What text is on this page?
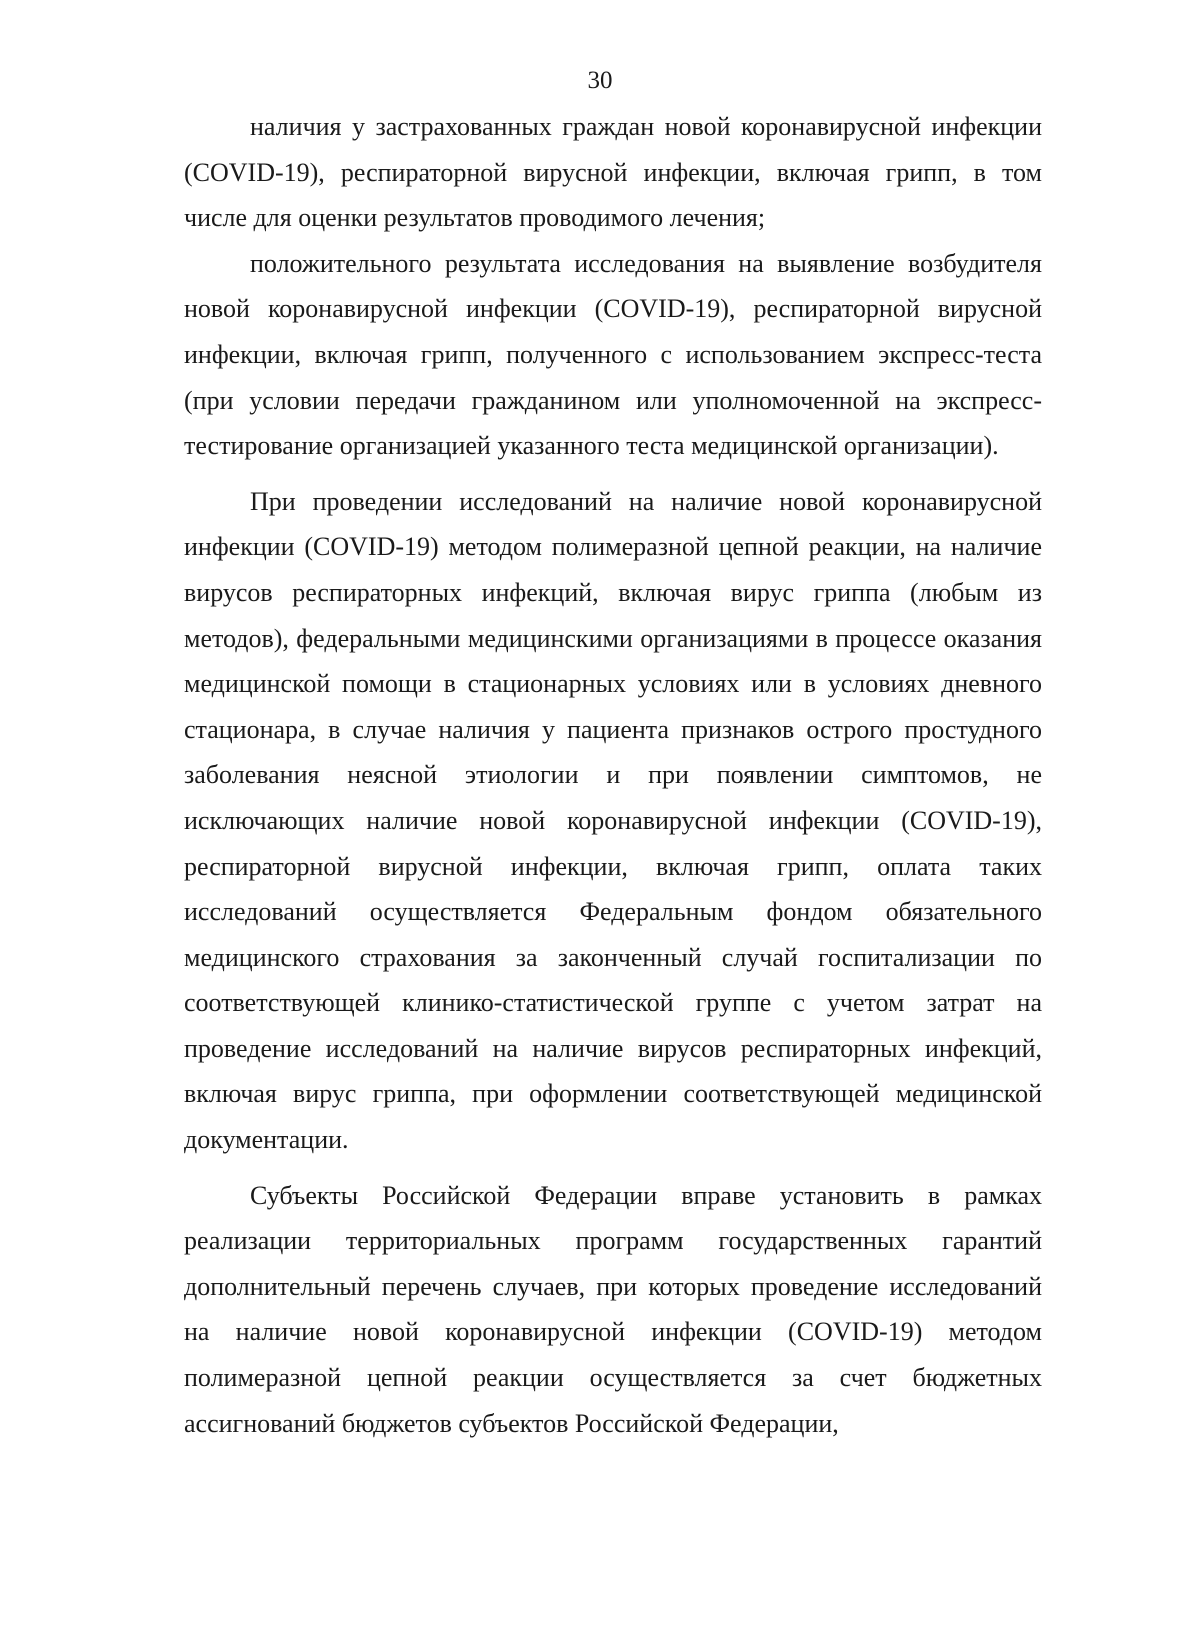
30

наличия у застрахованных граждан новой коронавирусной инфекции (COVID-19), респираторной вирусной инфекции, включая грипп, в том числе для оценки результатов проводимого лечения;

положительного результата исследования на выявление возбудителя новой коронавирусной инфекции (COVID-19), респираторной вирусной инфекции, включая грипп, полученного с использованием экспресс-теста (при условии передачи гражданином или уполномоченной на экспресс-тестирование организацией указанного теста медицинской организации).

При проведении исследований на наличие новой коронавирусной инфекции (COVID-19) методом полимеразной цепной реакции, на наличие вирусов респираторных инфекций, включая вирус гриппа (любым из методов), федеральными медицинскими организациями в процессе оказания медицинской помощи в стационарных условиях или в условиях дневного стационара, в случае наличия у пациента признаков острого простудного заболевания неясной этиологии и при появлении симптомов, не исключающих наличие новой коронавирусной инфекции (COVID-19), респираторной вирусной инфекции, включая грипп, оплата таких исследований осуществляется Федеральным фондом обязательного медицинского страхования за законченный случай госпитализации по соответствующей клинико-статистической группе с учетом затрат на проведение исследований на наличие вирусов респираторных инфекций, включая вирус гриппа, при оформлении соответствующей медицинской документации.

Субъекты Российской Федерации вправе установить в рамках реализации территориальных программ государственных гарантий дополнительный перечень случаев, при которых проведение исследований на наличие новой коронавирусной инфекции (COVID-19) методом полимеразной цепной реакции осуществляется за счет бюджетных ассигнований бюджетов субъектов Российской Федерации,
